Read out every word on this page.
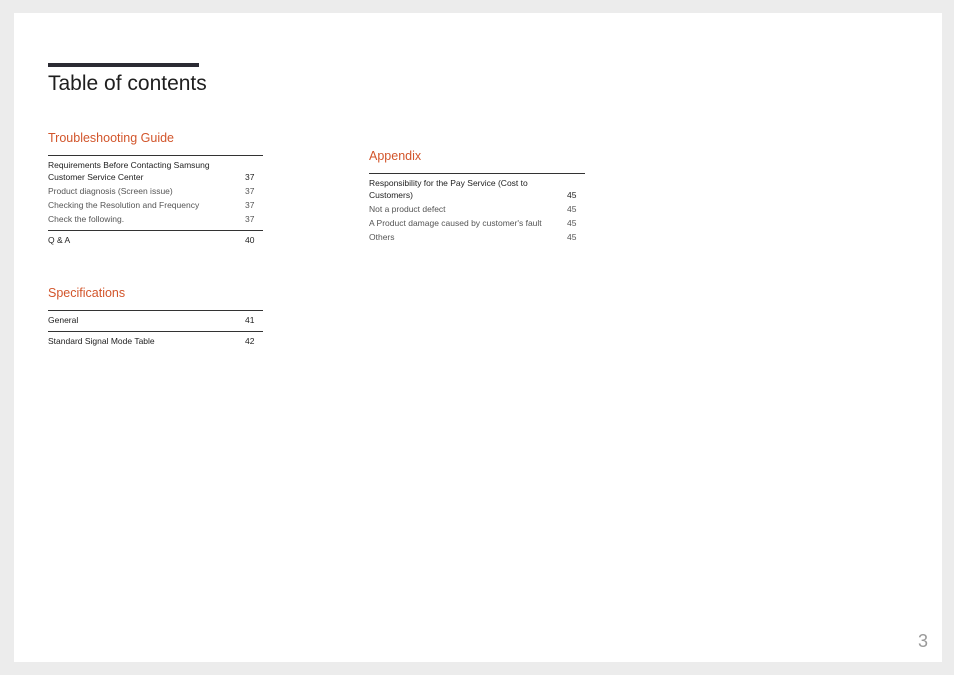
Table of contents
Troubleshooting Guide
Requirements Before Contacting Samsung Customer Service Center	37
Product diagnosis (Screen issue)	37
Checking the Resolution and Frequency	37
Check the following.	37
Q & A	40
Specifications
General	41
Standard Signal Mode Table	42
Appendix
Responsibility for the Pay Service (Cost to Customers)	45
Not a product defect	45
A Product damage caused by customer's fault	45
Others	45
3
